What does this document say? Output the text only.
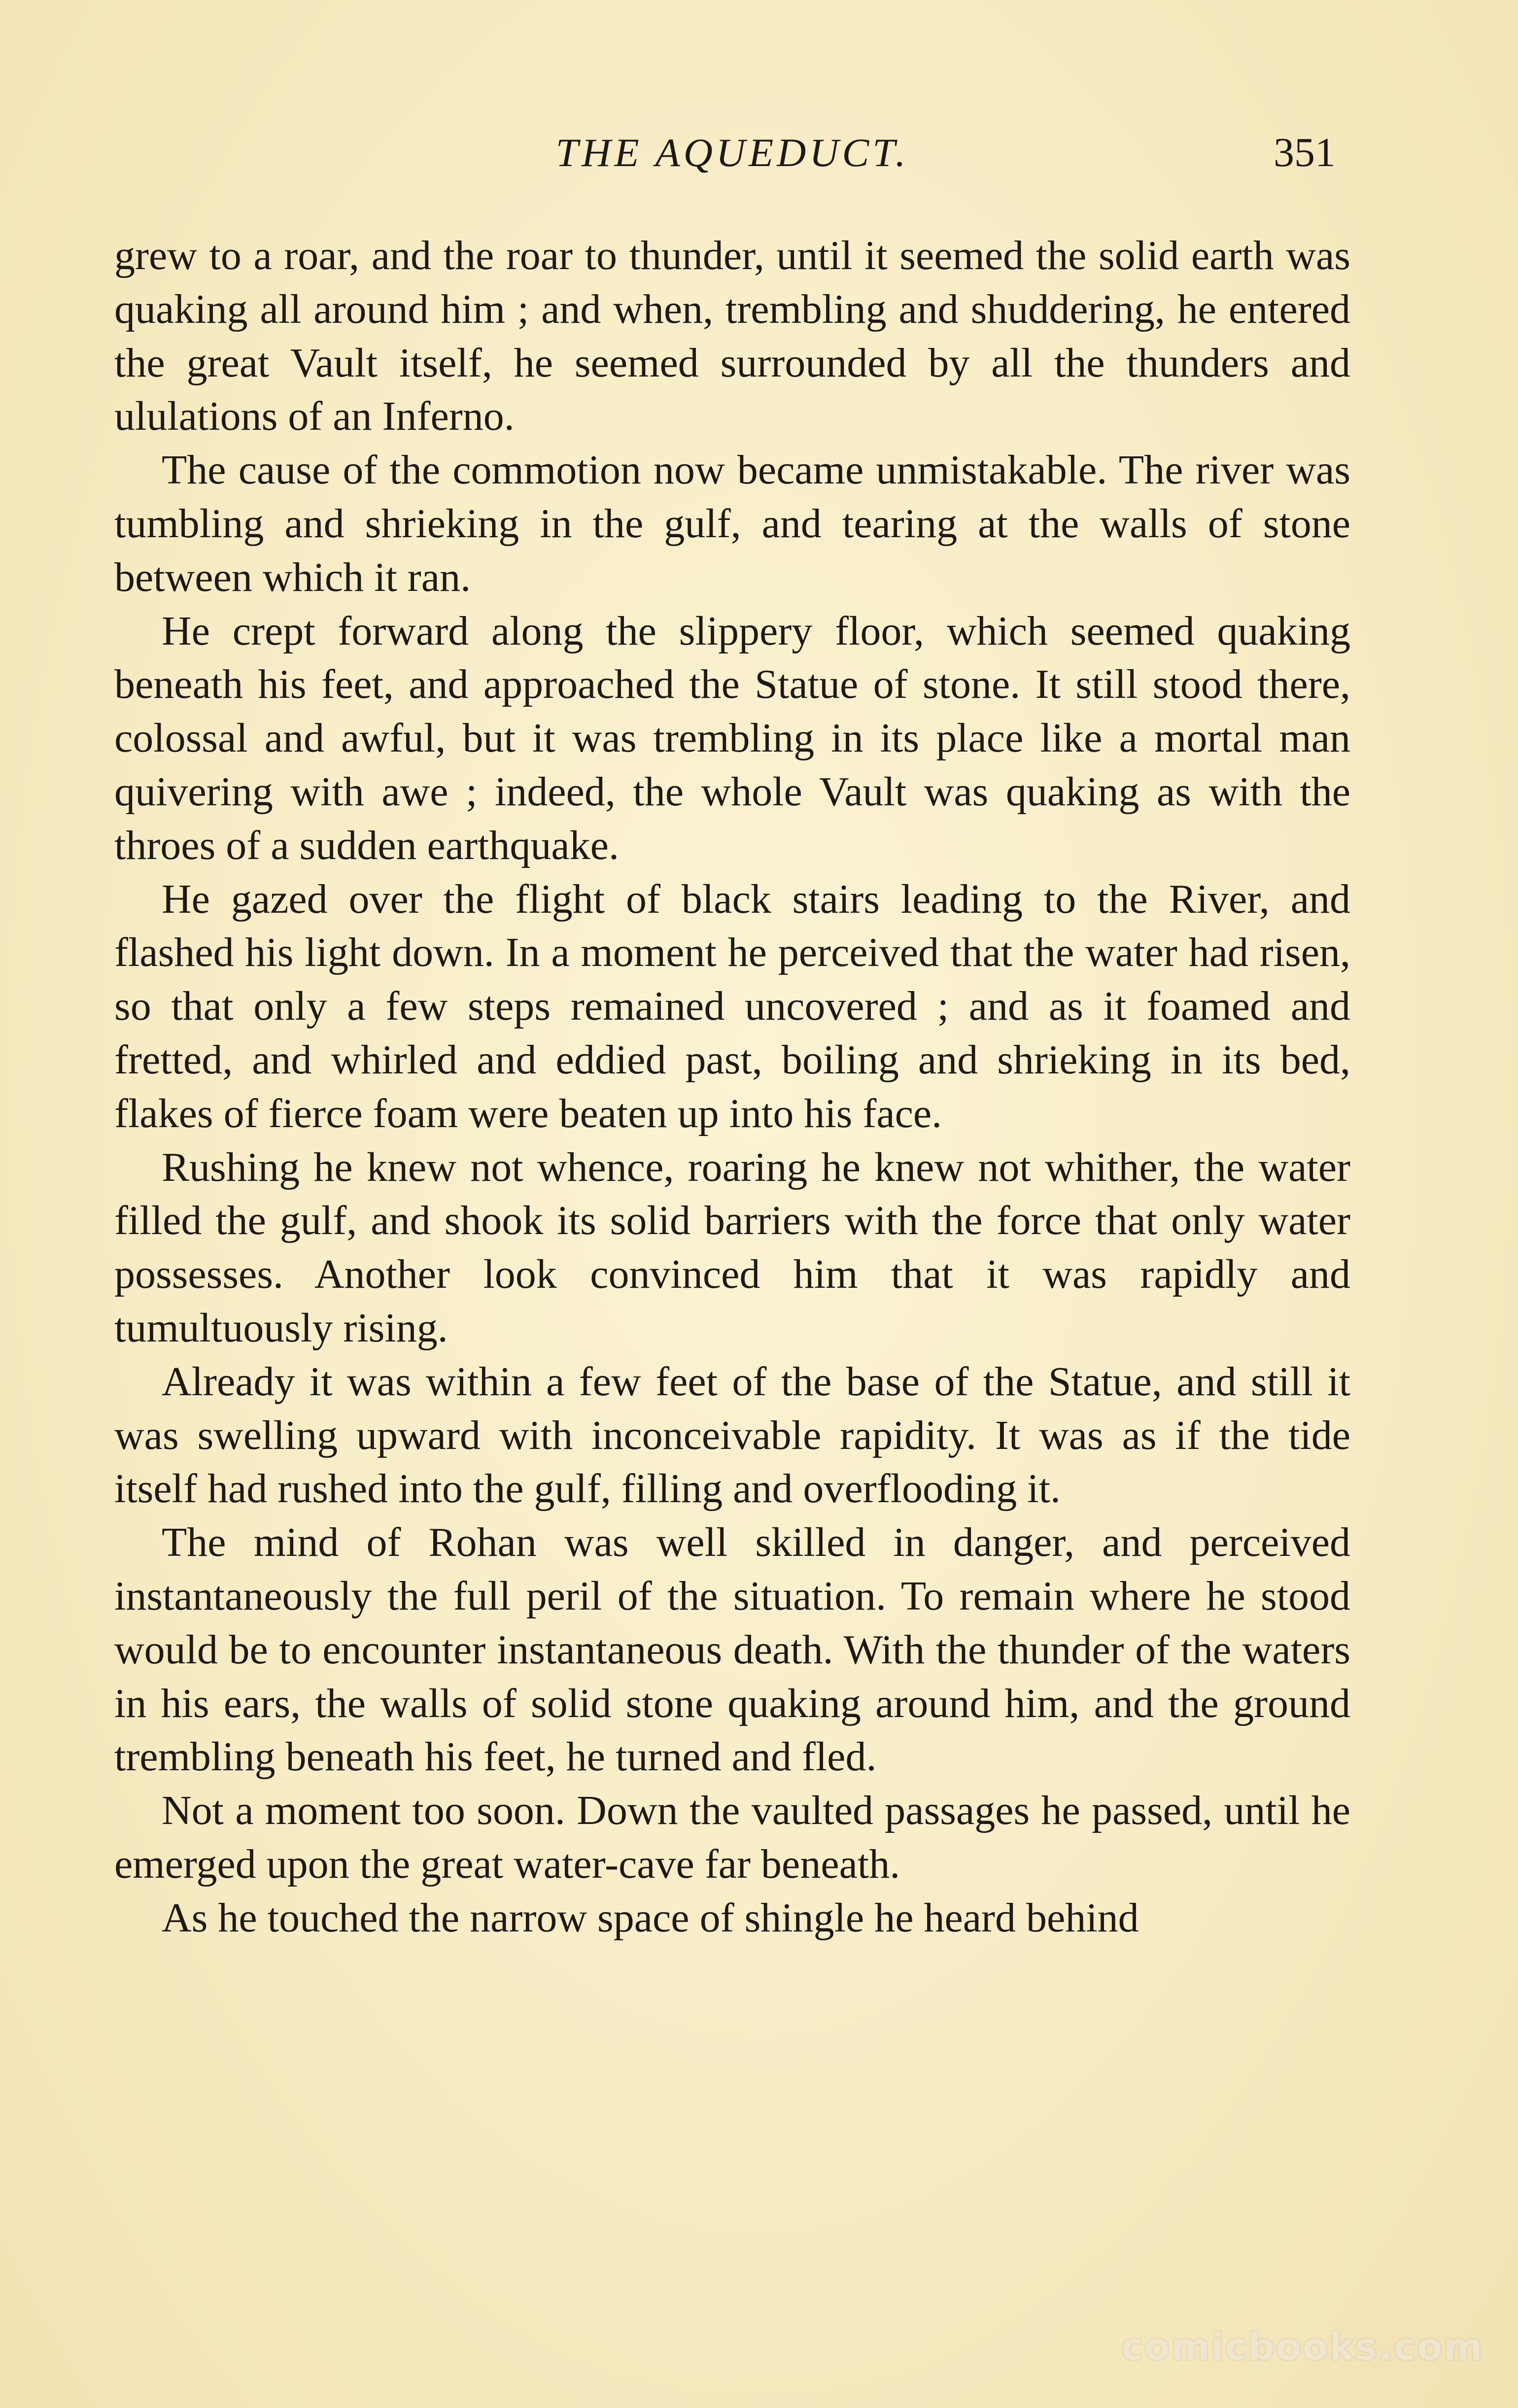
THE AQUEDUCT.	351

grew to a roar, and the roar to thunder, until it seemed the solid earth was quaking all around him ; and when, trembling and shuddering, he entered the great Vault itself, he seemed surrounded by all the thunders and ululations of an Inferno.

The cause of the commotion now became unmistakable. The river was tumbling and shrieking in the gulf, and tearing at the walls of stone between which it ran.

He crept forward along the slippery floor, which seemed quaking beneath his feet, and approached the Statue of stone. It still stood there, colossal and awful, but it was trembling in its place like a mortal man quivering with awe ; indeed, the whole Vault was quaking as with the throes of a sudden earthquake.

He gazed over the flight of black stairs leading to the River, and flashed his light down. In a moment he perceived that the water had risen, so that only a few steps remained uncovered ; and as it foamed and fretted, and whirled and eddied past, boiling and shrieking in its bed, flakes of fierce foam were beaten up into his face.

Rushing he knew not whence, roaring he knew not whither, the water filled the gulf, and shook its solid barriers with the force that only water possesses. Another look convinced him that it was rapidly and tumultuously rising.

Already it was within a few feet of the base of the Statue, and still it was swelling upward with inconceivable rapidity. It was as if the tide itself had rushed into the gulf, filling and overflooding it.

The mind of Rohan was well skilled in danger, and perceived instantaneously the full peril of the situation. To remain where he stood would be to encounter instantaneous death. With the thunder of the waters in his ears, the walls of solid stone quaking around him, and the ground trembling beneath his feet, he turned and fled.

Not a moment too soon. Down the vaulted passages he passed, until he emerged upon the great water-cave far beneath.

As he touched the narrow space of shingle he heard behind

comicbooks.com
